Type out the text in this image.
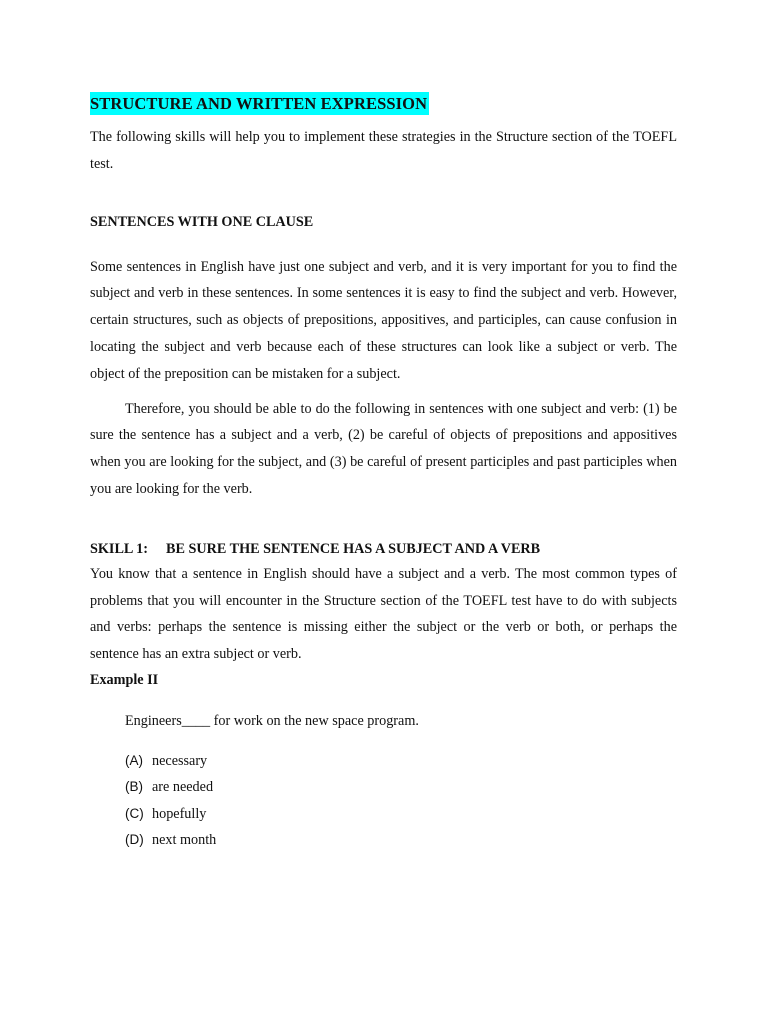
STRUCTURE AND WRITTEN EXPRESSION

The following skills will help you to implement these strategies in the Structure section of the TOEFL test.

SENTENCES WITH ONE CLAUSE

Some sentences in English have just one subject and verb, and it is very important for you to find the subject and verb in these sentences. In some sentences it is easy to find the subject and verb. However, certain structures, such as objects of prepositions, appositives, and participles, can cause confusion in locating the subject and verb because each of these structures can look like a subject or verb. The object of the preposition can be mistaken for a subject.

Therefore, you should be able to do the following in sentences with one subject and verb: (1) be sure the sentence has a subject and a verb, (2) be careful of objects of prepositions and appositives when you are looking for the subject, and (3) be careful of present participles and past participles when you are looking for the verb.

SKILL 1: BE SURE THE SENTENCE HAS A SUBJECT AND A VERB

You know that a sentence in English should have a subject and a verb. The most common types of problems that you will encounter in the Structure section of the TOEFL test have to do with subjects and verbs: perhaps the sentence is missing either the subject or the verb or both, or perhaps the sentence has an extra subject or verb.

Example II
Engineers____ for work on the new space program.
(A) necessary
(B) are needed
(C) hopefully
(D) next month
